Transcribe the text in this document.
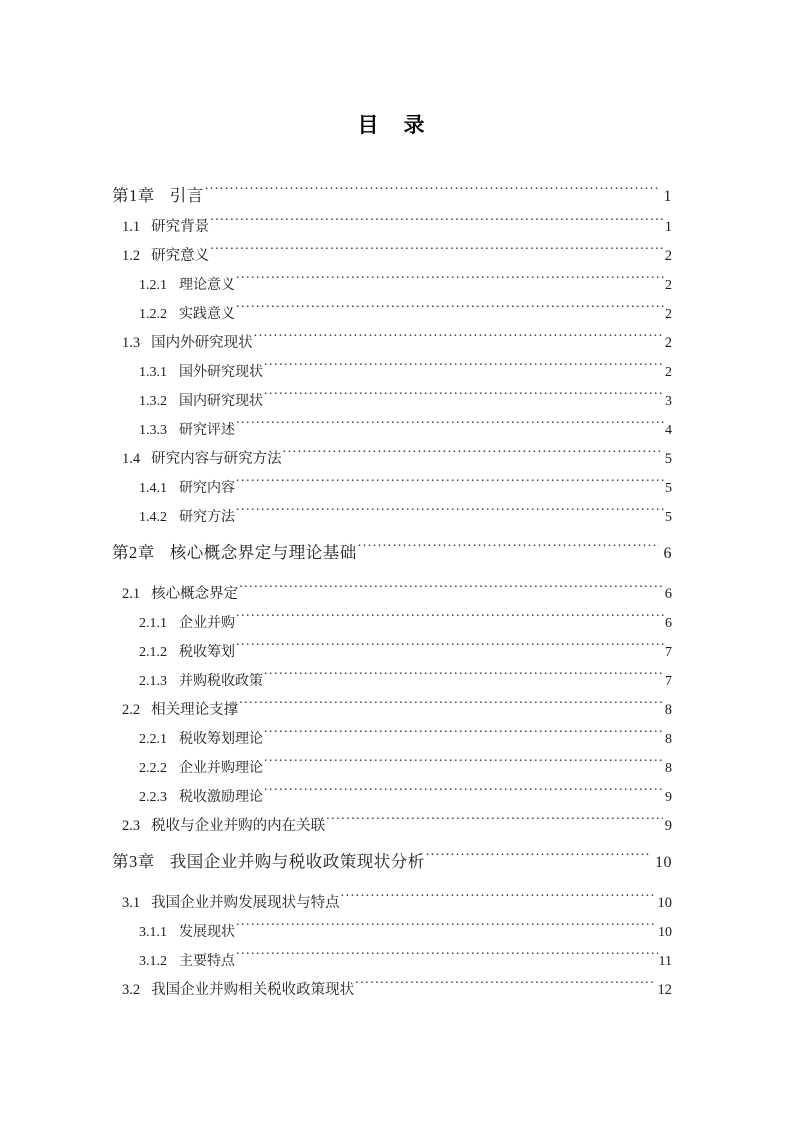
目　录
第1章 引言 .....	1
1.1 研究背景 .....	1
1.2 研究意义 .....	2
1.2.1 理论意义 .....	2
1.2.2 实践意义 .....	2
1.3 国内外研究现状 .....	2
1.3.1 国外研究现状 .....	2
1.3.2 国内研究现状 .....	3
1.3.3 研究评述 .....	4
1.4 研究内容与研究方法 .....	5
1.4.1 研究内容 .....	5
1.4.2 研究方法 .....	5
第2章 核心概念界定与理论基础 .....	6
2.1 核心概念界定 .....	6
2.1.1 企业并购 .....	6
2.1.2 税收筹划 .....	7
2.1.3 并购税收政策 .....	7
2.2 相关理论支撑 .....	8
2.2.1 税收筹划理论 .....	8
2.2.2 企业并购理论 .....	8
2.2.3 税收激励理论 .....	9
2.3 税收与企业并购的内在关联 .....	9
第3章 我国企业并购与税收政策现状分析 .....	10
3.1 我国企业并购发展现状与特点 .....	10
3.1.1 发展现状 .....	10
3.1.2 主要特点 .....	11
3.2 我国企业并购相关税收政策现状 .....	12
